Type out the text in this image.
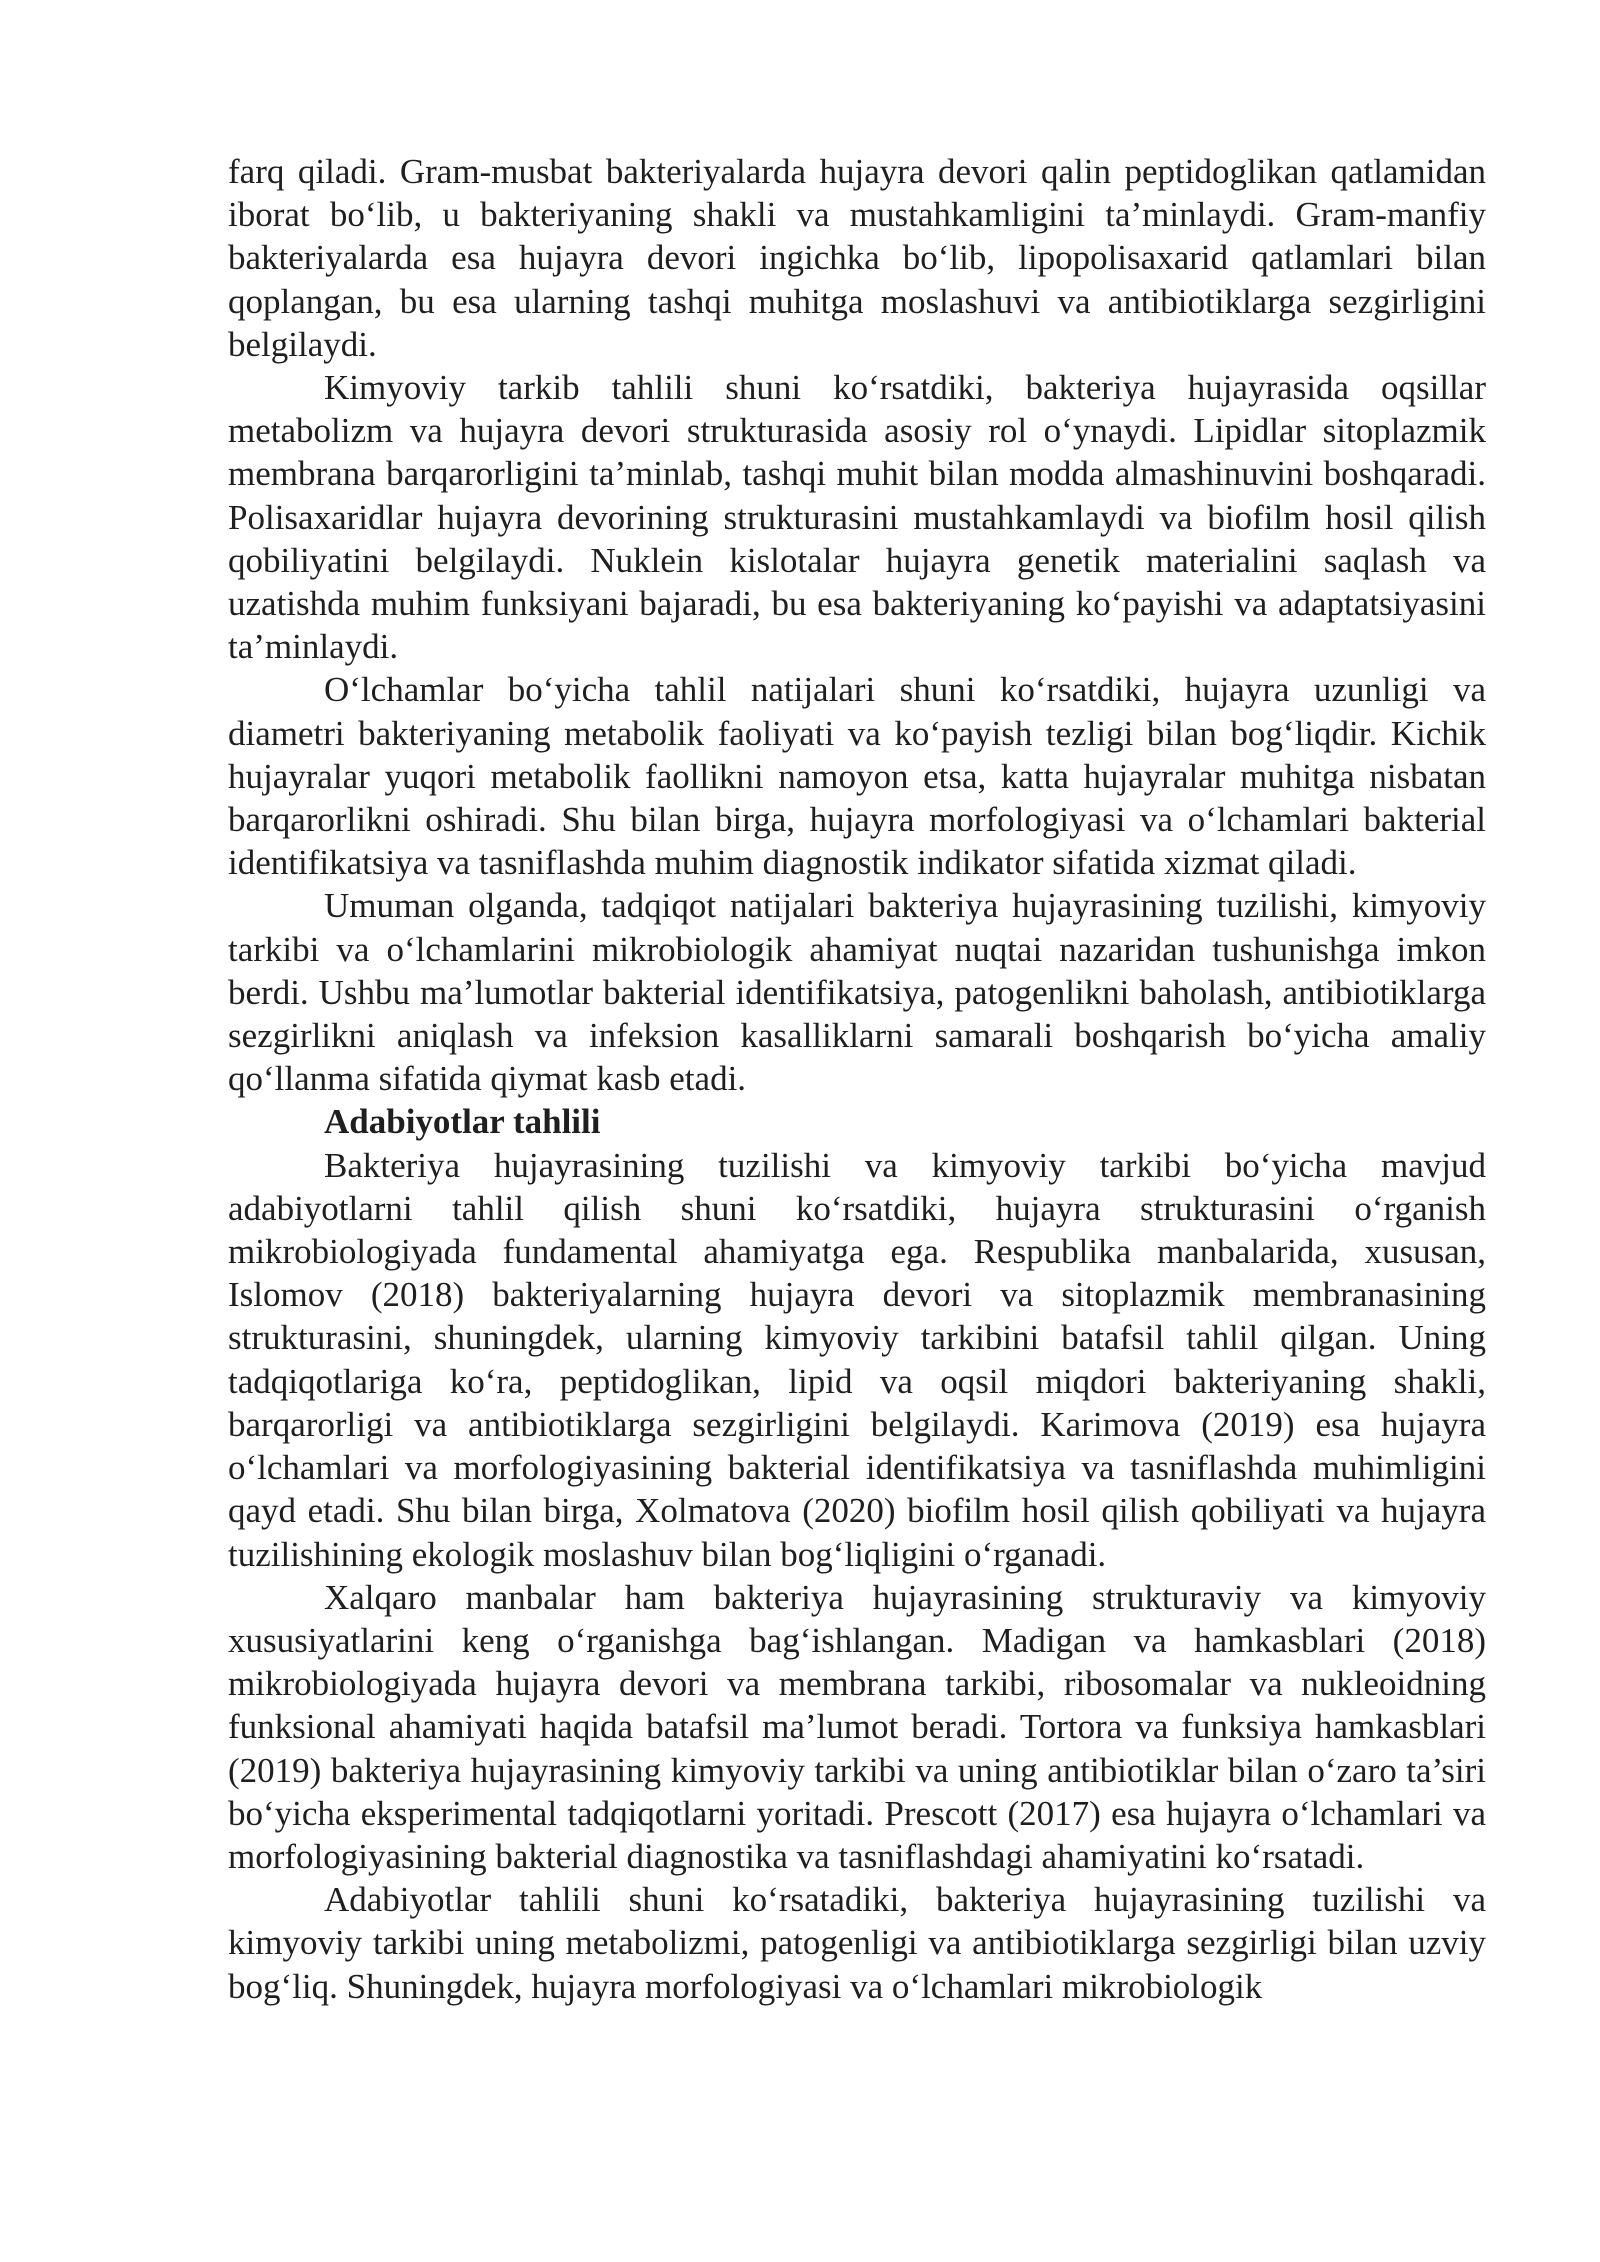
farq qiladi. Gram-musbat bakteriyalarda hujayra devori qalin peptidoglikan qatlamidan iborat bo‘lib, u bakteriyaning shakli va mustahkamligini ta’minlaydi. Gram-manfiy bakteriyalarda esa hujayra devori ingichka bo‘lib, lipopolisaxarid qatlamlari bilan qoplangan, bu esa ularning tashqi muhitga moslashuvi va antibiotiklarga sezgirligini belgilaydi.

Kimyoviy tarkib tahlili shuni ko‘rsatdiki, bakteriya hujayrasida oqsillar metabolizm va hujayra devori strukturasida asosiy rol o‘ynaydi. Lipidlar sitoplazmik membrana barqarorligini ta’minlab, tashqi muhit bilan modda almashinuvini boshqaradi. Polisaxaridlar hujayra devorining strukturasini mustahkamlaydi va biofilm hosil qilish qobiliyatini belgilaydi. Nuklein kislotalar hujayra genetik materialini saqlash va uzatishda muhim funksiyani bajaradi, bu esa bakteriyaning ko‘payishi va adaptatsiyasini ta’minlaydi.

O‘lchamlar bo‘yicha tahlil natijalari shuni ko‘rsatdiki, hujayra uzunligi va diametri bakteriyaning metabolik faoliyati va ko‘payish tezligi bilan bog‘liqdir. Kichik hujayralar yuqori metabolik faollikni namoyon etsa, katta hujayralar muhitga nisbatan barqarorlikni oshiradi. Shu bilan birga, hujayra morfologiyasi va o‘lchamlari bakterial identifikatsiya va tasniflashda muhim diagnostik indikator sifatida xizmat qiladi.

Umuman olganda, tadqiqot natijalari bakteriya hujayrasining tuzilishi, kimyoviy tarkibi va o‘lchamlarini mikrobiologik ahamiyat nuqtai nazaridan tushunishga imkon berdi. Ushbu ma’lumotlar bakterial identifikatsiya, patogenlikni baholash, antibiotiklarga sezgirlikni aniqlash va infeksion kasalliklarni samarali boshqarish bo‘yicha amaliy qo‘llanma sifatida qiymat kasb etadi.

Adabiyotlar tahlili

Bakteriya hujayrasining tuzilishi va kimyoviy tarkibi bo‘yicha mavjud adabiyotlarni tahlil qilish shuni ko‘rsatdiki, hujayra strukturasini o‘rganish mikrobiologiyada fundamental ahamiyatga ega. Respublika manbalarida, xususan, Islomov (2018) bakteriyalarning hujayra devori va sitoplazmik membranasining strukturasini, shuningdek, ularning kimyoviy tarkibini batafsil tahlil qilgan. Uning tadqiqotlariga ko‘ra, peptidoglikan, lipid va oqsil miqdori bakteriyaning shakli, barqarorligi va antibiotiklarga sezgirligini belgilaydi. Karimova (2019) esa hujayra o‘lchamlari va morfologiyasining bakterial identifikatsiya va tasniflashda muhimligini qayd etadi. Shu bilan birga, Xolmatova (2020) biofilm hosil qilish qobiliyati va hujayra tuzilishining ekologik moslashuv bilan bog‘liqligini o‘rganadi.

Xalqaro manbalar ham bakteriya hujayrasining strukturaviy va kimyoviy xususiyatlarini keng o‘rganishga bag‘ishlangan. Madigan va hamkasblari (2018) mikrobiologiyada hujayra devori va membrana tarkibi, ribosomalar va nukleoidning funksional ahamiyati haqida batafsil ma’lumot beradi. Tortora va funksiya hamkasblari (2019) bakteriya hujayrasining kimyoviy tarkibi va uning antibiotiklar bilan o‘zaro ta’siri bo‘yicha eksperimental tadqiqotlarni yoritadi. Prescott (2017) esa hujayra o‘lchamlari va morfologiyasining bakterial diagnostika va tasniflashdagi ahamiyatini ko‘rsatadi.

Adabiyotlar tahlili shuni ko‘rsatadiki, bakteriya hujayrasining tuzilishi va kimyoviy tarkibi uning metabolizmi, patogenligi va antibiotiklarga sezgirligi bilan uzviy bog‘liq. Shuningdek, hujayra morfologiyasi va o‘lchamlari mikrobiologik
